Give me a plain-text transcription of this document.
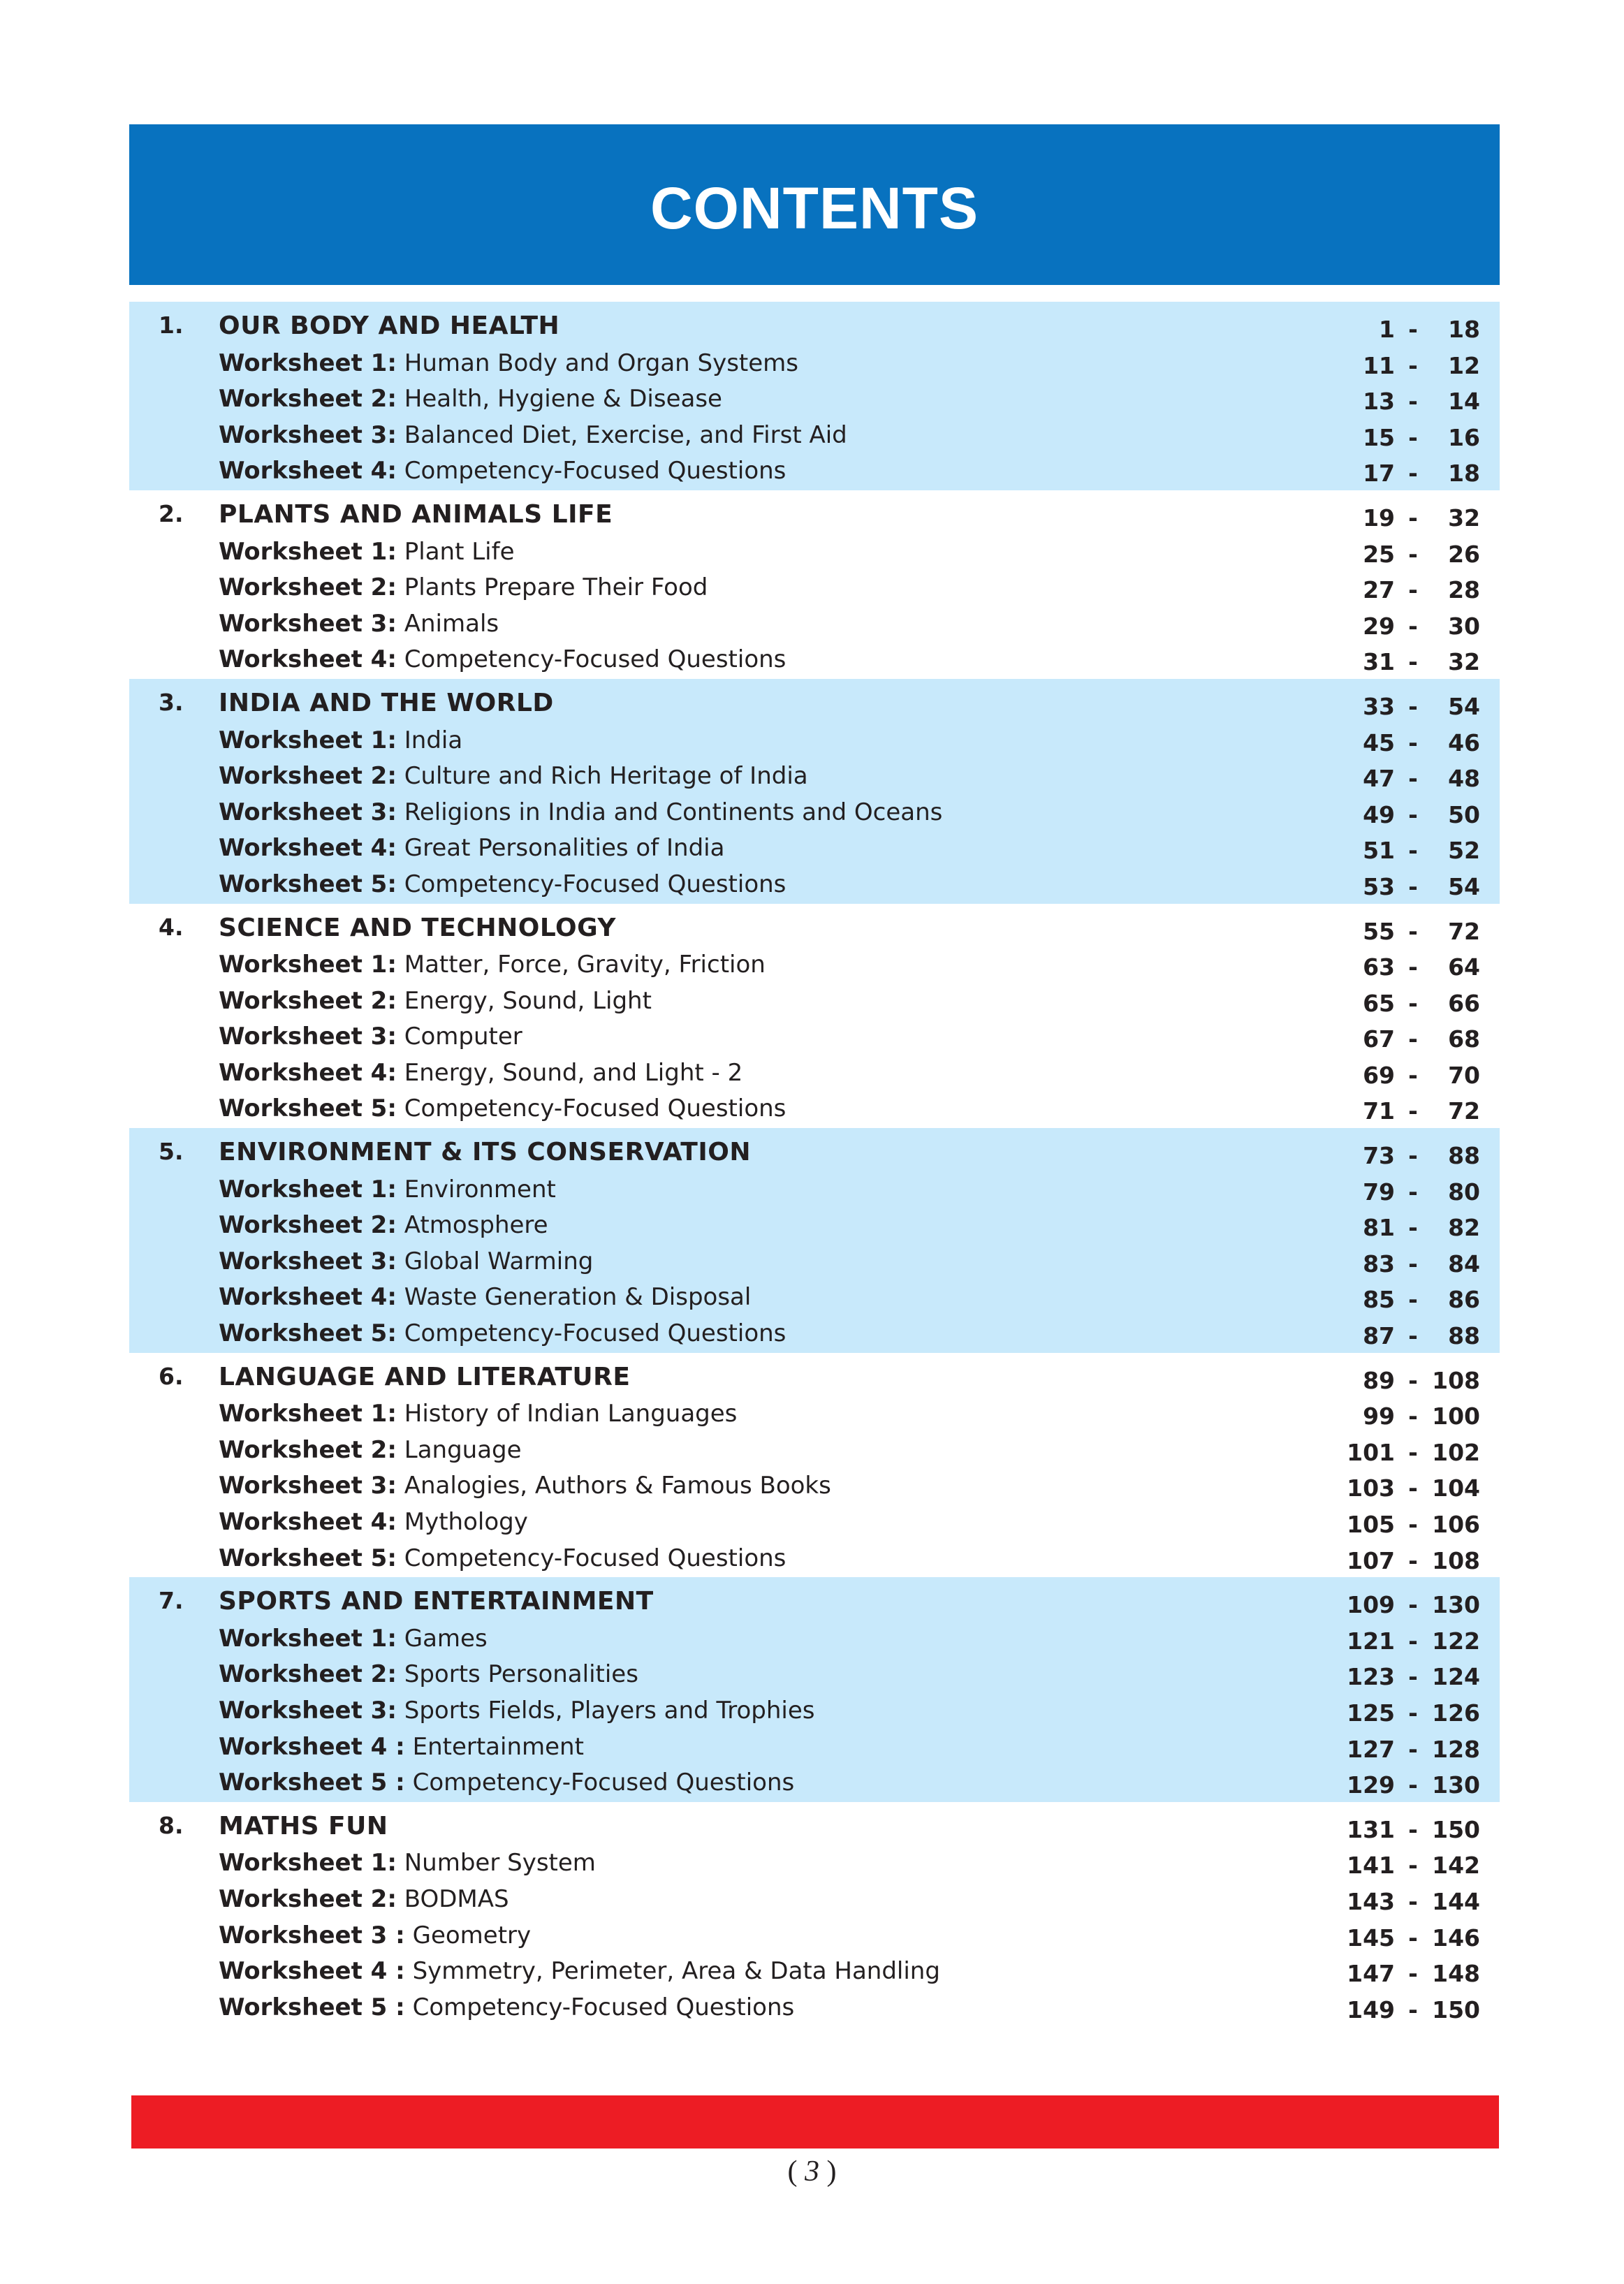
CONTENTS
1. OUR BODY AND HEALTH	1 - 18
Worksheet 1: Human Body and Organ Systems	11 - 12
Worksheet 2: Health, Hygiene & Disease	13 - 14
Worksheet 3: Balanced Diet, Exercise, and First Aid	15 - 16
Worksheet 4: Competency-Focused Questions	17 - 18
2. PLANTS AND ANIMALS LIFE	19 - 32
Worksheet 1: Plant Life	25 - 26
Worksheet 2: Plants Prepare Their Food	27 - 28
Worksheet 3: Animals	29 - 30
Worksheet 4: Competency-Focused Questions	31 - 32
3. INDIA AND THE WORLD	33 - 54
Worksheet 1: India	45 - 46
Worksheet 2: Culture and Rich Heritage of India	47 - 48
Worksheet 3: Religions in India and Continents and Oceans	49 - 50
Worksheet 4: Great Personalities of India	51 - 52
Worksheet 5: Competency-Focused Questions	53 - 54
4. SCIENCE AND TECHNOLOGY	55 - 72
Worksheet 1: Matter, Force, Gravity, Friction	63 - 64
Worksheet 2: Energy, Sound, Light	65 - 66
Worksheet 3: Computer	67 - 68
Worksheet 4: Energy, Sound, and Light - 2	69 - 70
Worksheet 5: Competency-Focused Questions	71 - 72
5. ENVIRONMENT & ITS CONSERVATION	73 - 88
Worksheet 1: Environment	79 - 80
Worksheet 2: Atmosphere	81 - 82
Worksheet 3: Global Warming	83 - 84
Worksheet 4: Waste Generation & Disposal	85 - 86
Worksheet 5: Competency-Focused Questions	87 - 88
6. LANGUAGE AND LITERATURE	89 - 108
Worksheet 1: History of Indian Languages	99 - 100
Worksheet 2: Language	101 - 102
Worksheet 3: Analogies, Authors & Famous Books	103 - 104
Worksheet 4: Mythology	105 - 106
Worksheet 5: Competency-Focused Questions	107 - 108
7. SPORTS AND ENTERTAINMENT	109 - 130
Worksheet 1: Games	121 - 122
Worksheet 2: Sports Personalities	123 - 124
Worksheet 3: Sports Fields, Players and Trophies	125 - 126
Worksheet 4 : Entertainment	127 - 128
Worksheet 5 : Competency-Focused Questions	129 - 130
8. MATHS FUN	131 - 150
Worksheet 1: Number System	141 - 142
Worksheet 2: BODMAS	143 - 144
Worksheet 3 : Geometry	145 - 146
Worksheet 4 : Symmetry, Perimeter, Area & Data Handling	147 - 148
Worksheet 5 : Competency-Focused Questions	149 - 150
( 3 )
